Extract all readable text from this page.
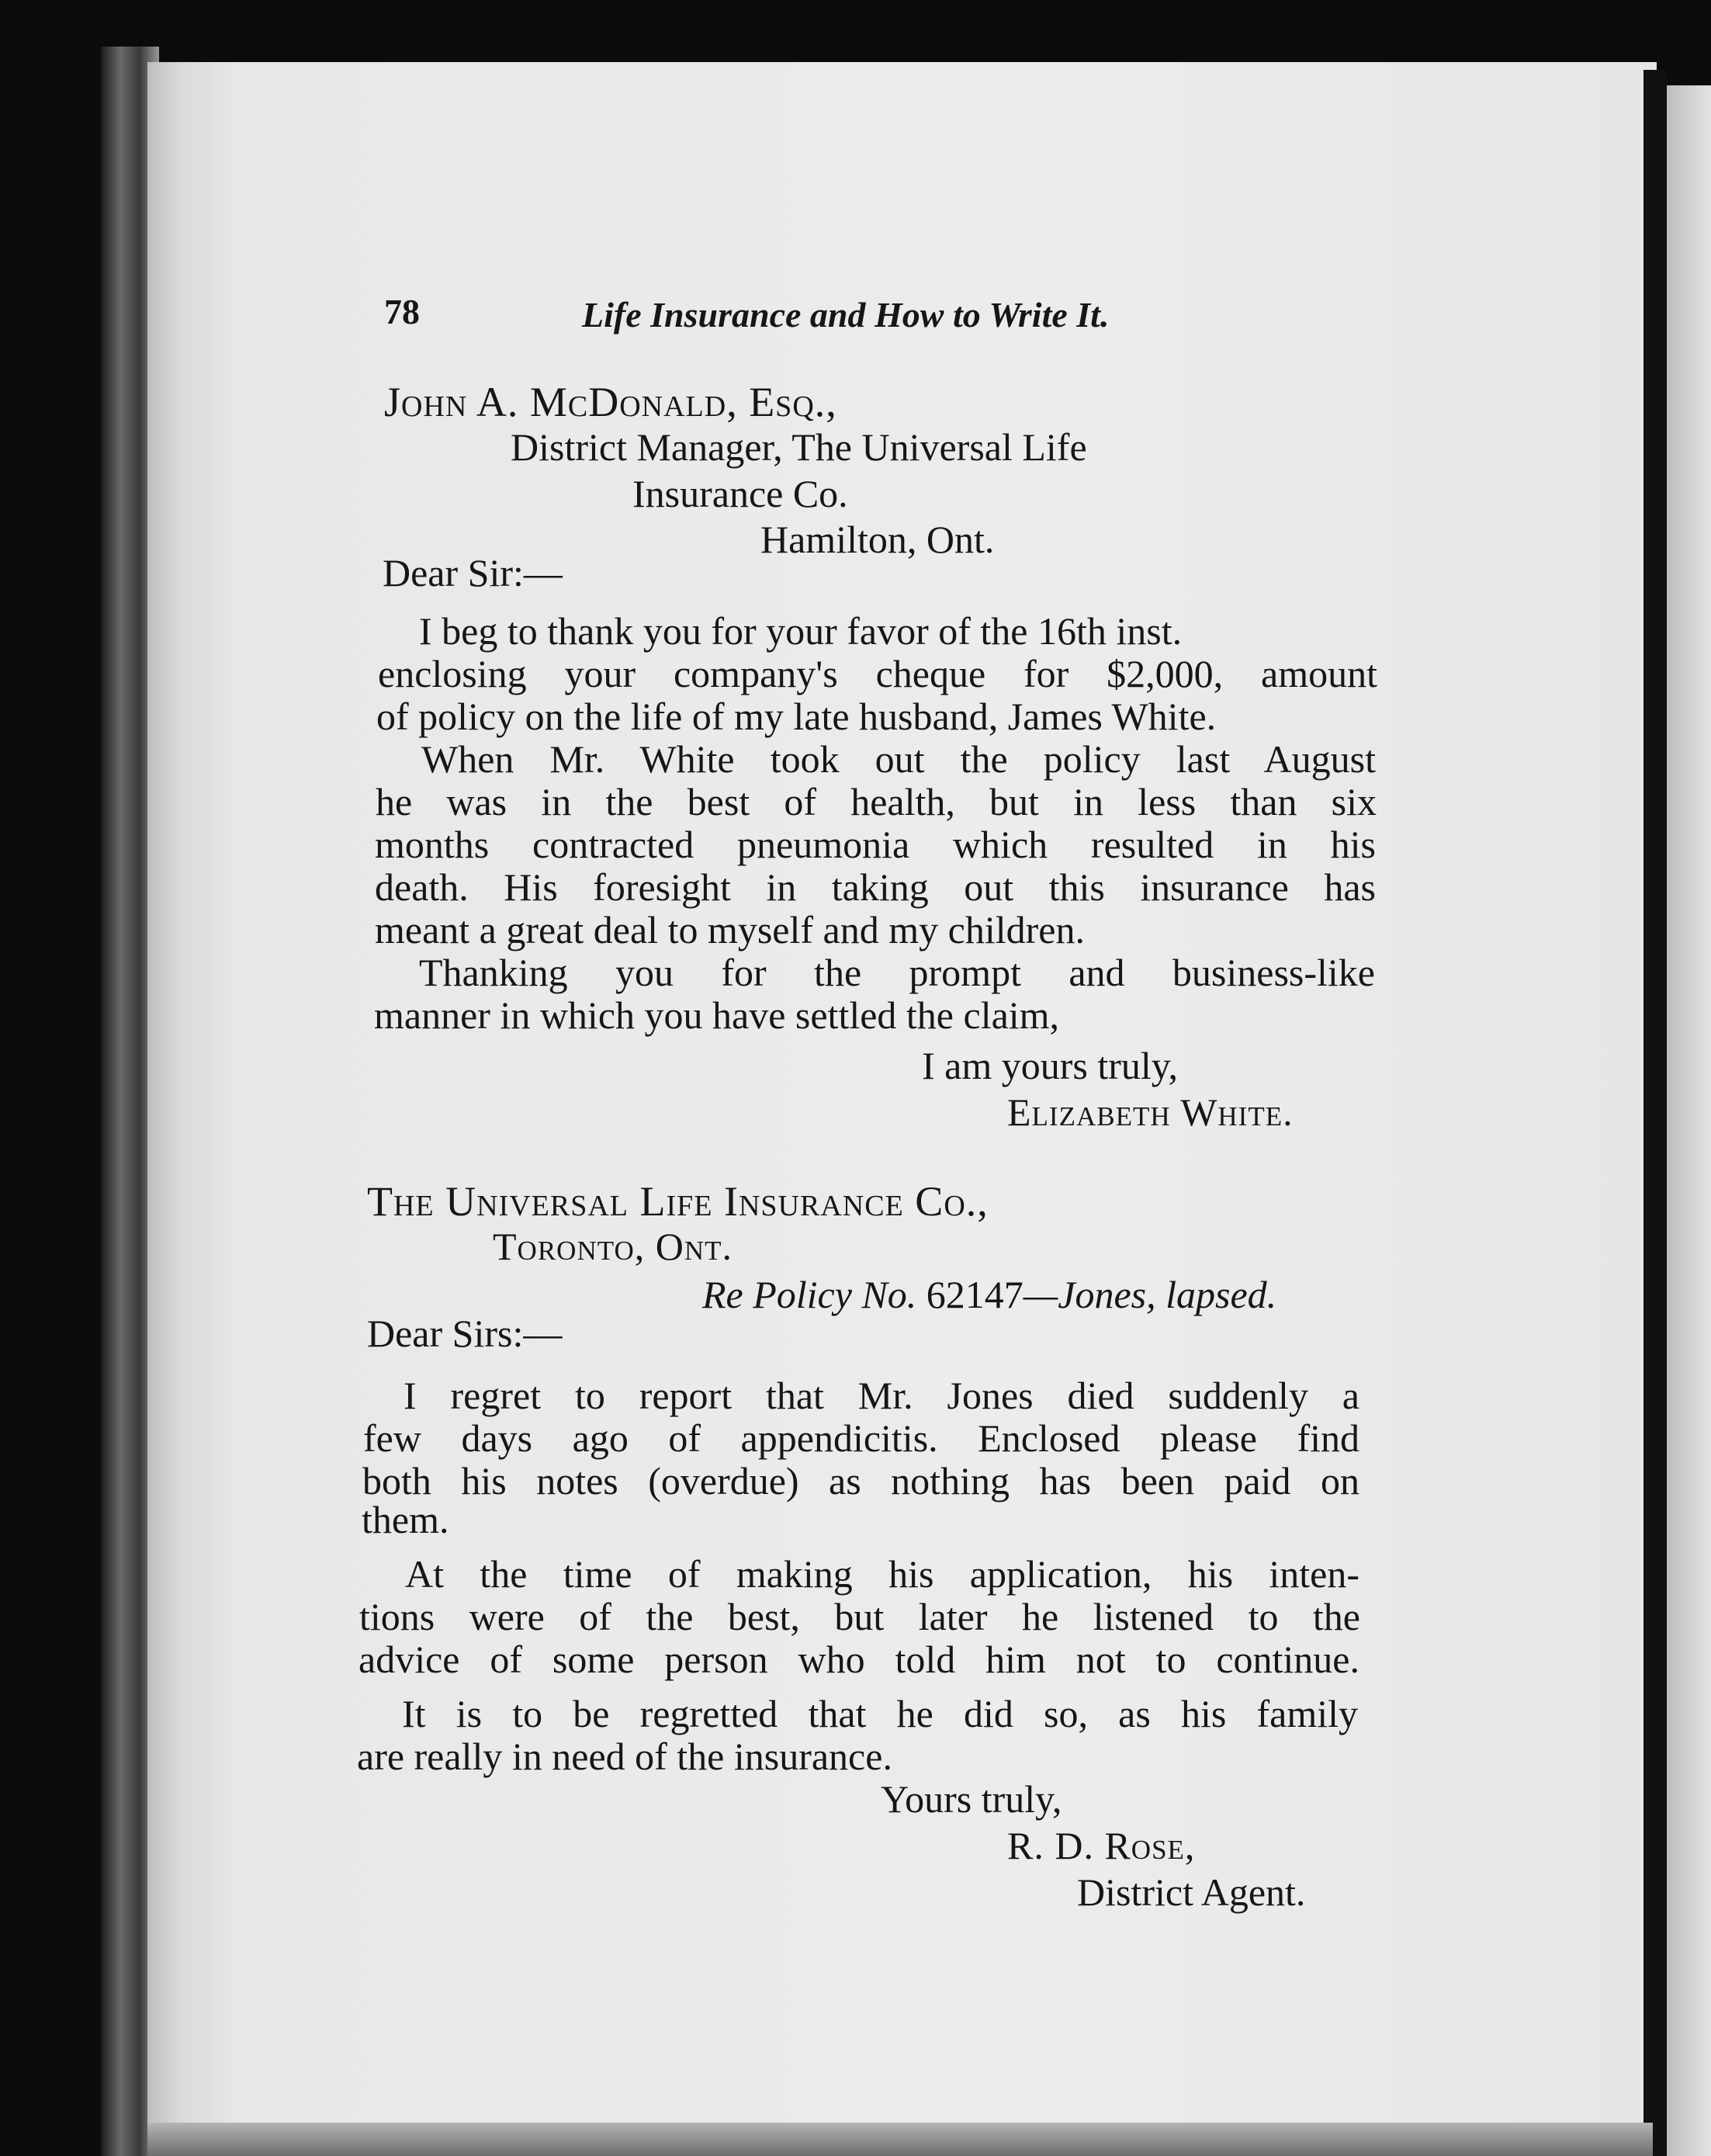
78	Life Insurance and How to Write It.
John A. McDonald, Esq.,
District Manager, The Universal Life
Insurance Co.
Hamilton, Ont.
Dear Sir:—
I beg to thank you for your favor of the 16th inst.
enclosing your company's cheque for $2,000, amount
of policy on the life of my late husband, James White.
When Mr. White took out the policy last August
he was in the best of health, but in less than six
months contracted pneumonia which resulted in his
death. His foresight in taking out this insurance has
meant a great deal to myself and my children.
Thanking you for the prompt and business-like
manner in which you have settled the claim,
I am yours truly,
Elizabeth White.
The Universal Life Insurance Co.,
Toronto, Ont.
Re Policy No. 62147—Jones, lapsed.
Dear Sirs:—
I regret to report that Mr. Jones died suddenly a
few days ago of appendicitis. Enclosed please find
both his notes (overdue) as nothing has been paid on
them.
At the time of making his application, his inten-
tions were of the best, but later he listened to the
advice of some person who told him not to continue.
It is to be regretted that he did so, as his family
are really in need of the insurance.
Yours truly,
R. D. Rose,
District Agent.
